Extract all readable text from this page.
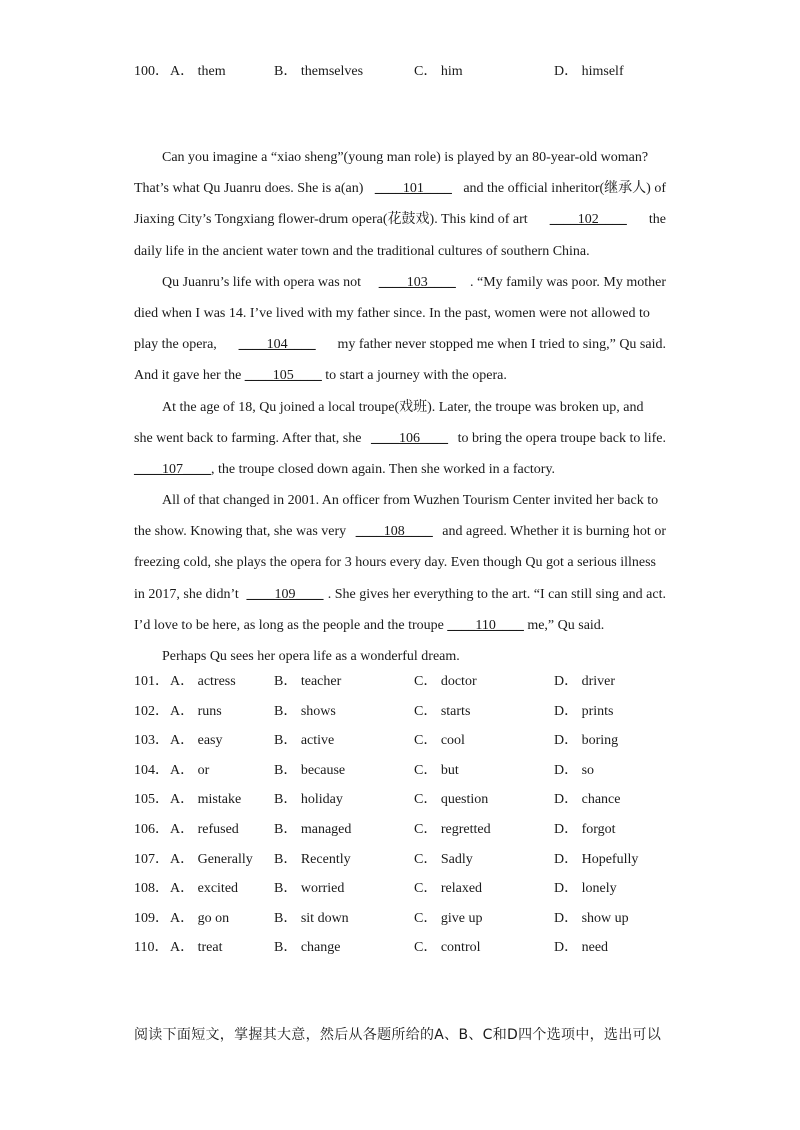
100． A． them	B． themselves	C． him	D． himself
Can you imagine a “xiao sheng”(young man role) is played by an 80-year-old woman?
That’s what Qu Juanru does. She is a(an) ____101____ and the official inheritor(继承人) of
Jiaxing City’s Tongxiang flower-drum opera(花鼓戏). This kind of art ____102____ the
daily life in the ancient water town and the traditional cultures of southern China.
Qu Juanru’s life with opera was not ____103____ . “My family was poor. My mother
died when I was 14. I’ve lived with my father since. In the past, women were not allowed to
play the opera, ____104____ my father never stopped me when I tried to sing,” Qu said.
And it gave her the ____105____ to start a journey with the opera.
At the age of 18, Qu joined a local troupe(戏班). Later, the troupe was broken up, and
she went back to farming. After that, she ____106____ to bring the opera troupe back to life.
____107____ , the troupe closed down again. Then she worked in a factory.
All of that changed in 2001. An officer from Wuzhen Tourism Center invited her back to
the show. Knowing that, she was very ____108____ and agreed. Whether it is burning hot or
freezing cold, she plays the opera for 3 hours every day. Even though Qu got a serious illness
in 2017, she didn’t ____109____ . She gives her everything to the art. “I can still sing and act.
I’d love to be here, as long as the people and the troupe ____110____ me,” Qu said.
Perhaps Qu sees her opera life as a wonderful dream.
101． A． actress	B． teacher	C． doctor	D． driver
102． A． runs	B． shows	C． starts	D． prints
103． A． easy	B． active	C． cool	D． boring
104． A． or	B． because	C． but	D． so
105． A． mistake B． holiday	C． question	D． chance
106． A． refused	B． managed	C． regretted	D． forgot
107． A． Generally B． Recently	C． Sadly	D． Hopefully
108． A． excited	B． worried	C． relaxed	D． lonely
109． A． go on	B． sit down	C． give up	D． show up
110． A． treat	B． change	C． control	D． need
阅读下面短文，掌握其大意，然后从各题所给的A、B、C和D四个选项中，选出可以
